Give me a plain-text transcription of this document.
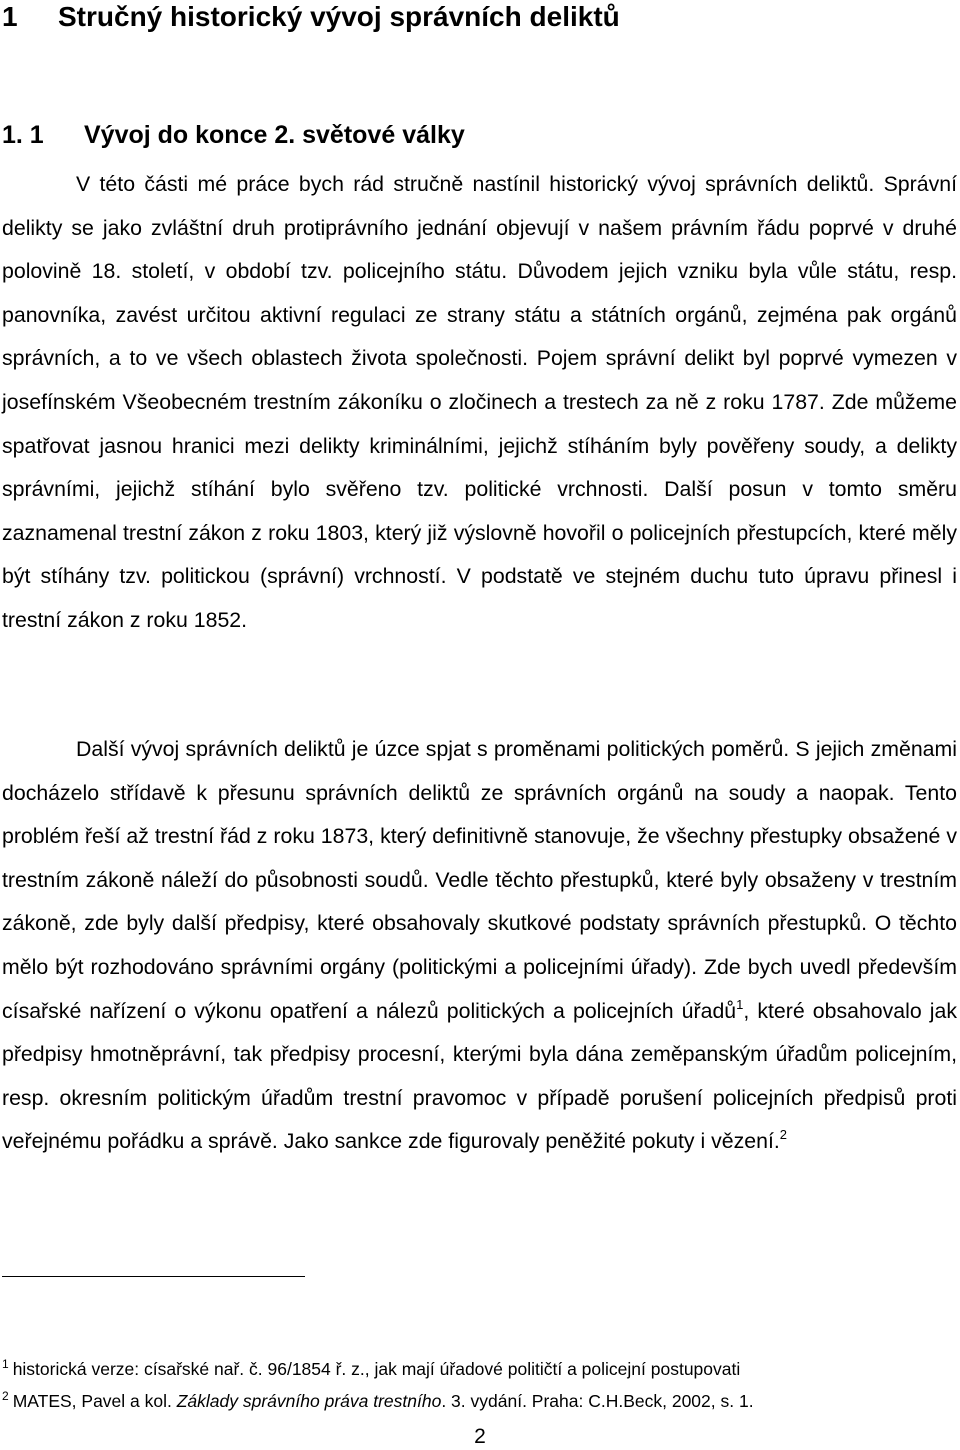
1 Stručný historický vývoj správních deliktů
1. 1 Vývoj do konce 2. světové války

V této části mé práce bych rád stručně nastínil historický vývoj správních deliktů. Správní delikty se jako zvláštní druh protiprávního jednání objevují v našem právním řádu poprvé v druhé polovině 18. století, v období tzv. policejního státu. Důvodem jejich vzniku byla vůle státu, resp. panovníka, zavést určitou aktivní regulaci ze strany státu a státních orgánů, zejména pak orgánů správních, a to ve všech oblastech života společnosti. Pojem správní delikt byl poprvé vymezen v josefínském Všeobecném trestním zákoníku o zločinech a trestech za ně z roku 1787. Zde můžeme spatřovat jasnou hranici mezi delikty kriminálními, jejichž stíháním byly pověřeny soudy, a delikty správními, jejichž stíhání bylo svěřeno tzv. politické vrchnosti. Další posun v tomto směru zaznamenal trestní zákon z roku 1803, který již výslovně hovořil o policejních přestupcích, které měly být stíhány tzv. politickou (správní) vrchností. V podstatě ve stejném duchu tuto úpravu přinesl i trestní zákon z roku 1852.

Další vývoj správních deliktů je úzce spjat s proměnami politických poměrů. S jejich změnami docházelo střídavě k přesunu správních deliktů ze správních orgánů na soudy a naopak. Tento problém řeší až trestní řád z roku 1873, který definitivně stanovuje, že všechny přestupky obsažené v trestním zákoně náleží do působnosti soudů. Vedle těchto přestupků, které byly obsaženy v trestním zákoně, zde byly další předpisy, které obsahovaly skutkové podstaty správních přestupků. O těchto mělo být rozhodováno správními orgány (politickými a policejními úřady). Zde bych uvedl především císařské nařízení o výkonu opatření a nálezů politických a policejních úřadů$^1$, které obsahovalo jak předpisy hmotněprávní, tak předpisy procesní, kterými byla dána zeměpanským úřadům policejním, resp. okresním politickým úřadům trestní pravomoc v případě porušení policejních předpisů proti veřejnému pořádku a správě. Jako sankce zde figurovaly peněžité pokuty i vězení.$^2$

$^1$ historická verze: císařské nař. č. 96/1854 ř. z., jak mají úřadové političtí a policejní postupovati

$^2$ MATES, Pavel a kol. Základy správního práva trestního. 3. vydání. Praha: C.H.Beck, 2002, s. 1.

2
